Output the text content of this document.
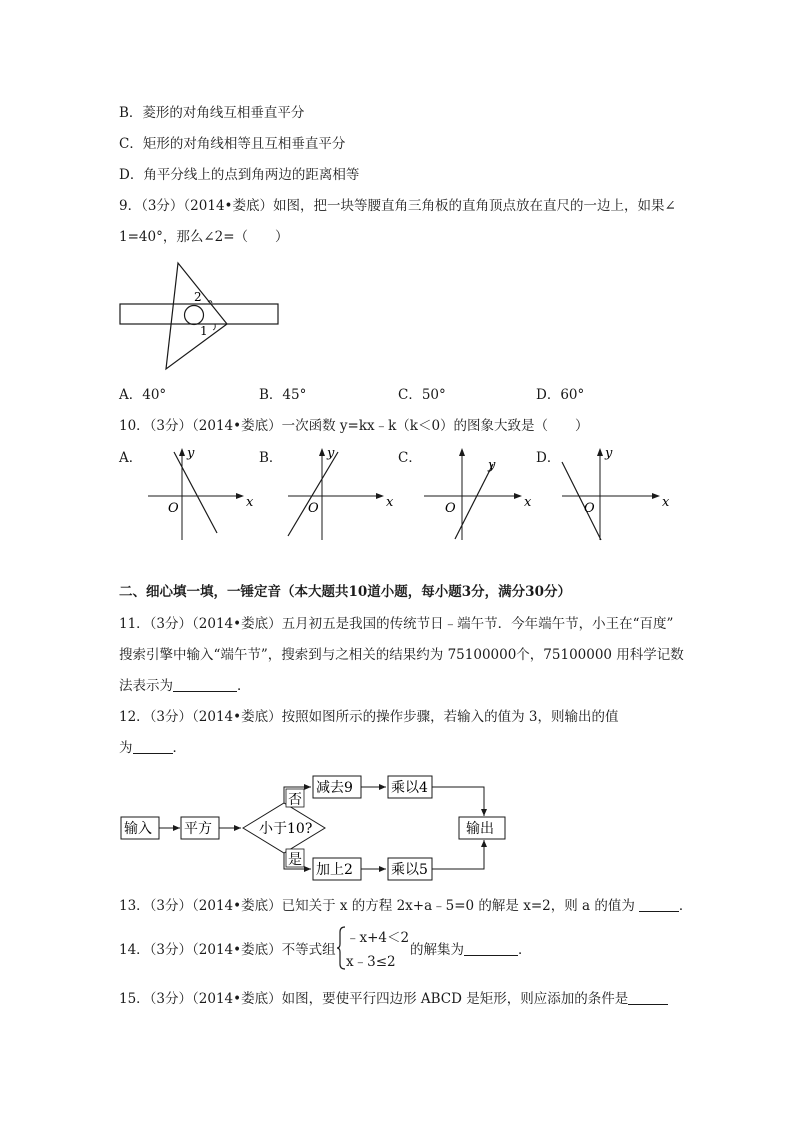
B．菱形的对角线互相垂直平分
C．矩形的对角线相等且互相垂直平分
D．角平分线上的点到角两边的距离相等
9．（3分）（2014•娄底）如图，把一块等腰直角三角板的直角顶点放在直尺的一边上，如果∠
1=40°，那么∠2=（　　）
2
1
A．40°	B．45°	C．50°	D．60°
10．（3分）（2014•娄底）一次函数 y=kx﹣k（k＜0）的图象大致是（　　）
A．	B．	C．	D．
x
y
O	x
y
O	x
y
O	x
y
O
二、细心填一填，一锤定音（本大题共10道小题，每小题3分，满分30分）
11．（3分）（2014•娄底）五月初五是我国的传统节日﹣端午节．今年端午节，小王在“百度”
搜索引擎中输入“端午节”，搜索到与之相关的结果约为 75100000个，75100000 用科学记数
法表示为	．
12．（3分）（2014•娄底）按照如图所示的操作步骤，若输入的值为 3，则输出的值
为	．
输入 平方	小于10?
否
减去9	乘以4
是
加上2	乘以5
输出
13．（3分）（2014•娄底）已知关于 x 的方程 2x+a﹣5=0 的解是 x=2，则 a 的值为	．
14．（3分）（2014•娄底）不等式组
﹣x+4＜2
x﹣3≤2
的解集为	．
15．（3分）（2014•娄底）如图，要使平行四边形 ABCD 是矩形，则应添加的条件是
